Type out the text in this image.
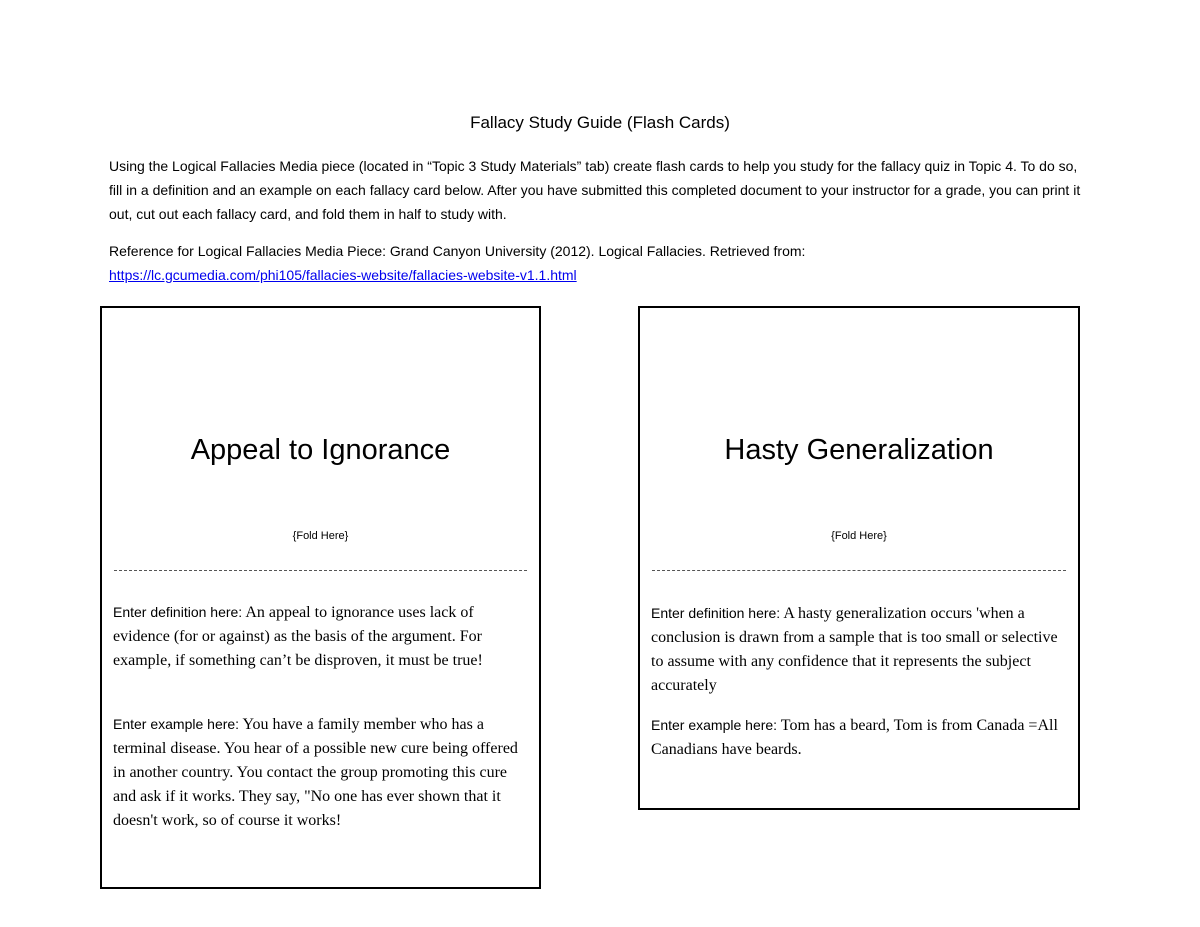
Fallacy Study Guide (Flash Cards)

Using the Logical Fallacies Media piece (located in “Topic 3 Study Materials” tab) create flash cards to help you study for the fallacy quiz in Topic 4. To do so, fill in a definition and an example on each fallacy card below. After you have submitted this completed document to your instructor for a grade, you can print it out, cut out each fallacy card, and fold them in half to study with.

Reference for Logical Fallacies Media Piece: Grand Canyon University (2012). Logical Fallacies. Retrieved from:
https://lc.gcumedia.com/phi105/fallacies-website/fallacies-website-v1.1.html
Appeal to Ignorance
{Fold Here}

Enter definition here: An appeal to ignorance uses lack of evidence (for or against) as the basis of the argument. For example, if something can’t be disproven, it must be true!

Enter example here: You have a family member who has a terminal disease. You hear of a possible new cure being offered in another country. You contact the group promoting this cure and ask if it works. They say, "No one has ever shown that it doesn't work, so of course it works!

Hasty Generalization
{Fold Here}

Enter definition here: A hasty generalization occurs 'when a conclusion is drawn from a sample that is too small or selective to assume with any confidence that it represents the subject accurately

Enter example here: Tom has a beard, Tom is from Canada =All Canadians have beards.
